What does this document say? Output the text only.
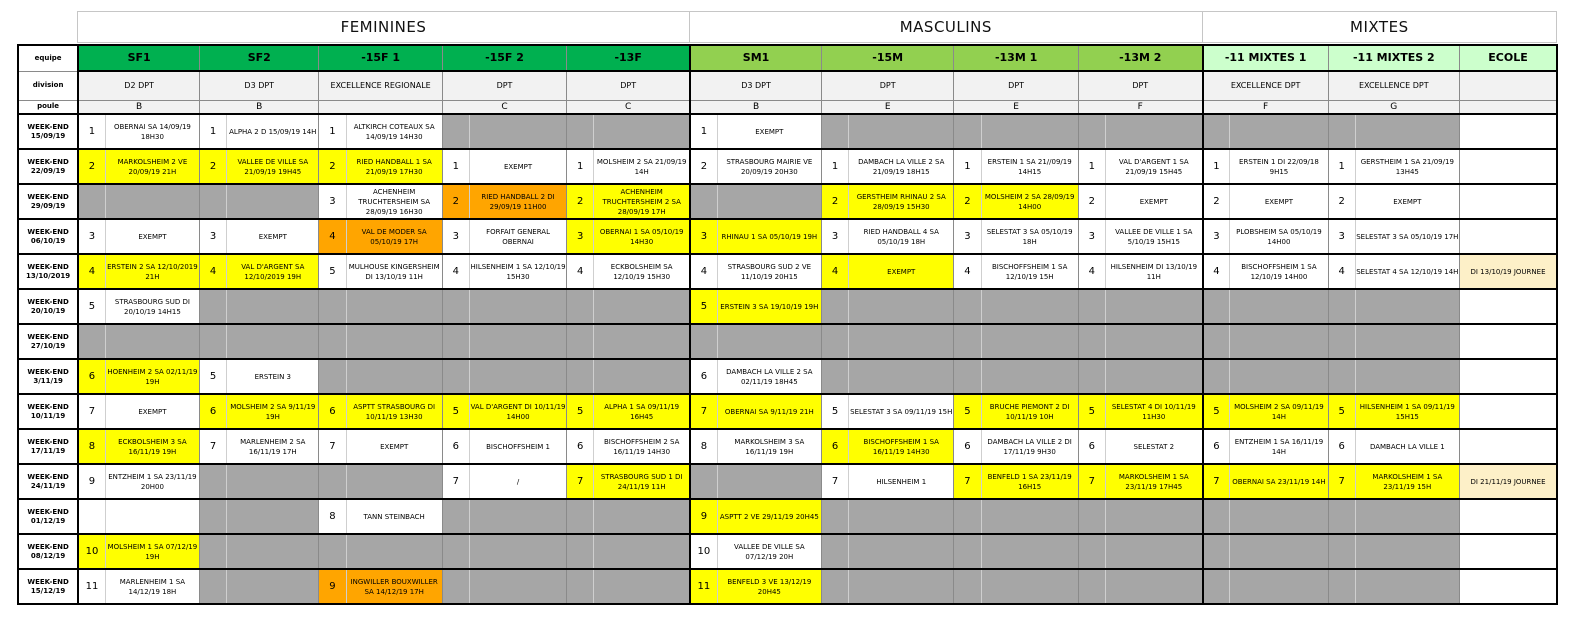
FEMININES	MASCULINS	MIXTES
equipe	SF1		SF2		-15F 1		-15F 2		-13F		SM1		-15M		-13M 1		-13M 2		-11 MIXTES 1		-11 MIXTES 2		ECOLE
division	D2 DPT		D3 DPT		EXCELLENCE REGIONALE		DPT		DPT		D3 DPT		DPT		DPT		DPT		EXCELLENCE DPT		EXCELLENCE DPT		
poule	B		B				C		C		B		E		E		F		F		G		
WEEK-END 15/09/19	1	OBERNAI SA 14/09/19 18H30	1	ALPHA 2 D 15/09/19 14H	1	ALTKIRCH COTEAUX SA 14/09/19 14H30					1	EXEMPT											
WEEK-END 22/09/19	2	MARKOLSHEIM 2 VE 20/09/19 21H	2	VALLEE DE VILLE SA 21/09/19 19H45	2	RIED HANDBALL 1 SA 21/09/19 17H30	1	EXEMPT	1	MOLSHEIM 2 SA 21/09/19 14H	2	STRASBOURG MAIRIE VE 20/09/19 20H30	1	DAMBACH LA VILLE 2 SA 21/09/19 18H15	1	ERSTEIN 1 SA 21//09/19 14H15	1	VAL D'ARGENT 1 SA 21/09/19 15H45	1	ERSTEIN 1 DI 22/09/18 9H15	1	GERSTHEIM 1 SA 21/09/19 13H45	
WEEK-END 29/09/19					3	ACHENHEIM TRUCHTERSHEIM SA 28/09/19 16H30	2	RIED HANDBALL 2 DI 29/09/19 11H00	2	ACHENHEIM TRUCHTERSHEIM 2 SA 28/09/19 17H			2	GERSTHEIM RHINAU 2 SA 28/09/19 15H30	2	MOLSHEIM 2 SA 28/09/19 14H00	2	EXEMPT	2	EXEMPT	2	EXEMPT	
WEEK-END 06/10/19	3	EXEMPT	3	EXEMPT	4	VAL DE MODER SA 05/10/19 17H	3	FORFAIT GENERAL OBERNAI	3	OBERNAI 1 SA 05/10/19 14H30	3	RHINAU 1 SA 05/10/19 19H	3	RIED HANDBALL 4 SA 05/10/19 18H	3	SELESTAT 3 SA 05/10/19 18H	3	VALLEE DE VILLE 1 SA 5/10/19 15H15	3	PLOBSHEIM SA 05/10/19 14H00	3	SELESTAT 3 SA 05/10/19 17H	
WEEK-END 13/10/2019	4	ERSTEIN 2 SA 12/10/2019 21H	4	VAL D'ARGENT SA 12/10/2019 19H	5	MULHOUSE KINGERSHEIM DI 13/10/19 11H	4	HILSENHEIM 1 SA 12/10/19 15H30	4	ECKBOLSHEIM SA 12/10/19 15H30	4	STRASBOURG SUD 2 VE 11/10/19 20H15	4	EXEMPT	4	BISCHOFFSHEIM 1 SA 12/10/19 15H	4	HILSENHEIM DI 13/10/19 11H	4	BISCHOFFSHEIM 1 SA 12/10/19 14H00	4	SELESTAT 4 SA 12/10/19 14H	DI 13/10/19 JOURNEE
WEEK-END 20/10/19	5	STRASBOURG SUD DI 20/10/19 14H15									5	ERSTEIN 3 SA 19/10/19 19H											
WEEK-END 27/10/19																							
WEEK-END 3/11/19	6	HOENHEIM 2 SA 02/11/19 19H	5	ERSTEIN 3							6	DAMBACH LA VILLE 2 SA 02/11/19 18H45											
WEEK-END 10/11/19	7	EXEMPT	6	MOLSHEIM 2 SA 9/11/19 19H	6	ASPTT STRASBOURG DI 10/11/19 13H30	5	VAL D'ARGENT DI 10/11/19 14H00	5	ALPHA 1 SA 09/11/19 16H45	7	OBERNAI SA 9/11/19 21H	5	SELESTAT 3 SA 09/11/19 15H	5	BRUCHE PIEMONT 2 DI 10/11/19 10H	5	SELESTAT 4 DI 10/11/19 11H30	5	MOLSHEIM 2 SA 09/11/19 14H	5	HILSENHEIM 1 SA 09/11/19 15H15	
WEEK-END 17/11/19	8	ECKBOLSHEIM 3 SA 16/11/19 19H	7	MARLENHEIM 2 SA 16/11/19 17H	7	EXEMPT	6	BISCHOFFSHEIM 1	6	BISCHOFFSHEIM 2 SA 16/11/19 14H30	8	MARKOLSHEIM 3 SA 16/11/19 19H	6	BISCHOFFSHEIM 1 SA 16/11/19 14H30	6	DAMBACH LA VILLE 2 DI 17/11/19 9H30	6	SELESTAT 2	6	ENTZHEIM 1 SA 16/11/19 14H	6	DAMBACH LA VILLE 1	
WEEK-END 24/11/19	9	ENTZHEIM 1 SA 23/11/19 20H00					7	/	7	STRASBOURG SUD 1 DI 24/11/19 11H			7	HILSENHEIM 1	7	BENFELD 1 SA 23/11/19 16H15	7	MARKOLSHEIM 1 SA 23/11/19 17H45	7	OBERNAI SA 23/11/19 14H	7	MARKOLSHEIM 1 SA 23/11/19 15H	DI 21/11/19 JOURNEE
WEEK-END 01/12/19					8	TANN STEINBACH					9	ASPTT 2 VE 29/11/19 20H45											
WEEK-END 08/12/19	10	MOLSHEIM 1 SA 07/12/19 19H									10	VALLEE DE VILLE SA 07/12/19 20H											
WEEK-END 15/12/19	11	MARLENHEIM 1 SA 14/12/19 18H			9	INGWILLER BOUXWILLER SA 14/12/19 17H					11	BENFELD 3 VE 13/12/19 20H45											
